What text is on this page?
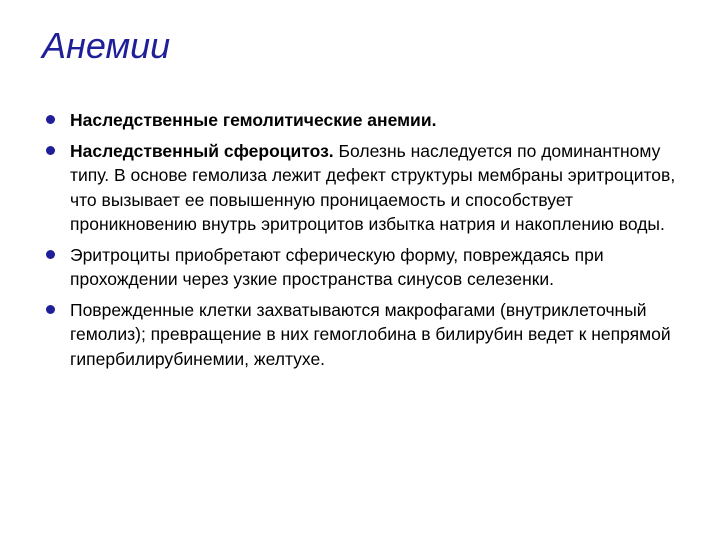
Анемии
Наследственные гемолитические анемии.
Наследственный сфероцитоз. Болезнь наследуется по доминантному типу. В основе гемолиза лежит дефект структуры мембраны эритроцитов, что вызывает ее повышенную проницаемость и способствует проникновению внутрь эритроцитов избытка натрия и накоплению воды.
Эритроциты приобретают сферическую форму, повреждаясь при прохождении через узкие пространства синусов селезенки.
Поврежденные клетки захватываются макрофагами (внутриклеточный гемолиз); превращение в них гемоглобина в билирубин ведет к непрямой гипербилирубинемии, желтухе.
